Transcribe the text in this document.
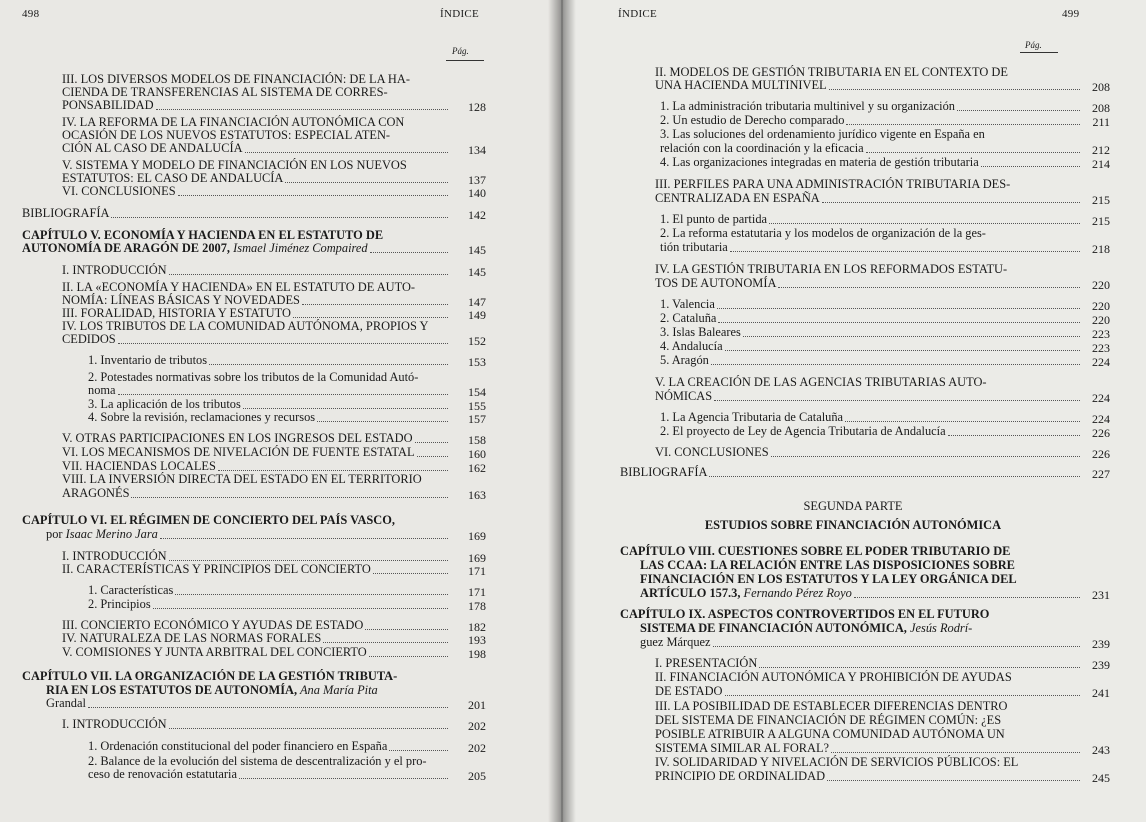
498	ÍNDICE
Pág.
III. LOS DIVERSOS MODELOS DE FINANCIACIÓN: DE LA HA-
CIENDA DE TRANSFERENCIAS AL SISTEMA DE CORRES-
PONSABILIDAD	128
IV. LA REFORMA DE LA FINANCIACIÓN AUTONÓMICA CON
OCASIÓN DE LOS NUEVOS ESTATUTOS: ESPECIAL ATEN-
CIÓN AL CASO DE ANDALUCÍA	134
V. SISTEMA Y MODELO DE FINANCIACIÓN EN LOS NUEVOS
ESTATUTOS: EL CASO DE ANDALUCÍA	137
VI. CONCLUSIONES	140
BIBLIOGRAFÍA	142
CAPÍTULO V. ECONOMÍA Y HACIENDA EN EL ESTATUTO DE
AUTONOMÍA DE ARAGÓN DE 2007, Ismael Jiménez Compaired	145
I. INTRODUCCIÓN	145
II. LA «ECONOMÍA Y HACIENDA» EN EL ESTATUTO DE AUTO-
NOMÍA: LÍNEAS BÁSICAS Y NOVEDADES	147
III. FORALIDAD, HISTORIA Y ESTATUTO	149
IV. LOS TRIBUTOS DE LA COMUNIDAD AUTÓNOMA, PROPIOS Y
CEDIDOS	152
1. Inventario de tributos	153
2. Potestades normativas sobre los tributos de la Comunidad Autó-
noma	154
3. La aplicación de los tributos	155
4. Sobre la revisión, reclamaciones y recursos	157
V. OTRAS PARTICIPACIONES EN LOS INGRESOS DEL ESTADO	158
VI. LOS MECANISMOS DE NIVELACIÓN DE FUENTE ESTATAL	160
VII. HACIENDAS LOCALES	162
VIII. LA INVERSIÓN DIRECTA DEL ESTADO EN EL TERRITORIO
ARAGONÉS	163
CAPÍTULO VI. EL RÉGIMEN DE CONCIERTO DEL PAÍS VASCO,
por Isaac Merino Jara	169
I. INTRODUCCIÓN	169
II. CARACTERÍSTICAS Y PRINCIPIOS DEL CONCIERTO	171
1. Características	171
2. Principios	178
III. CONCIERTO ECONÓMICO Y AYUDAS DE ESTADO	182
IV. NATURALEZA DE LAS NORMAS FORALES	193
V. COMISIONES Y JUNTA ARBITRAL DEL CONCIERTO	198
CAPÍTULO VII. LA ORGANIZACIÓN DE LA GESTIÓN TRIBUTA-
RIA EN LOS ESTATUTOS DE AUTONOMÍA, Ana María Pita
Grandal	201
I. INTRODUCCIÓN	202
1. Ordenación constitucional del poder financiero en España	202
2. Balance de la evolución del sistema de descentralización y el pro-
ceso de renovación estatutaria	205
ÍNDICE	499
Pág.
II. MODELOS DE GESTIÓN TRIBUTARIA EN EL CONTEXTO DE
UNA HACIENDA MULTINIVEL	208
1. La administración tributaria multinivel y su organización	208
2. Un estudio de Derecho comparado	211
3. Las soluciones del ordenamiento jurídico vigente en España en
relación con la coordinación y la eficacia	212
4. Las organizaciones integradas en materia de gestión tributaria	214
III. PERFILES PARA UNA ADMINISTRACIÓN TRIBUTARIA DES-
CENTRALIZADA EN ESPAÑA	215
1. El punto de partida	215
2. La reforma estatutaria y los modelos de organización de la ges-
tión tributaria	218
IV. LA GESTIÓN TRIBUTARIA EN LOS REFORMADOS ESTATU-
TOS DE AUTONOMÍA	220
1. Valencia	220
2. Cataluña	220
3. Islas Baleares	223
4. Andalucía	223
5. Aragón	224
V. LA CREACIÓN DE LAS AGENCIAS TRIBUTARIAS AUTO-
NÓMICAS	224
1. La Agencia Tributaria de Cataluña	224
2. El proyecto de Ley de Agencia Tributaria de Andalucía	226
VI. CONCLUSIONES	226
BIBLIOGRAFÍA	227
SEGUNDA PARTE
ESTUDIOS SOBRE FINANCIACIÓN AUTONÓMICA
CAPÍTULO VIII. CUESTIONES SOBRE EL PODER TRIBUTARIO DE
LAS CCAA: LA RELACIÓN ENTRE LAS DISPOSICIONES SOBRE
FINANCIACIÓN EN LOS ESTATUTOS Y LA LEY ORGÁNICA DEL
ARTÍCULO 157.3, Fernando Pérez Royo	231
CAPÍTULO IX. ASPECTOS CONTROVERTIDOS EN EL FUTURO
SISTEMA DE FINANCIACIÓN AUTONÓMICA, Jesús Rodrí-
guez Márquez	239
I. PRESENTACIÓN	239
II. FINANCIACIÓN AUTONÓMICA Y PROHIBICIÓN DE AYUDAS
DE ESTADO	241
III. LA POSIBILIDAD DE ESTABLECER DIFERENCIAS DENTRO
DEL SISTEMA DE FINANCIACIÓN DE RÉGIMEN COMÚN: ¿ES
POSIBLE ATRIBUIR A ALGUNA COMUNIDAD AUTÓNOMA UN
SISTEMA SIMILAR AL FORAL?	243
IV. SOLIDARIDAD Y NIVELACIÓN DE SERVICIOS PÚBLICOS: EL
PRINCIPIO DE ORDINALIDAD	245
